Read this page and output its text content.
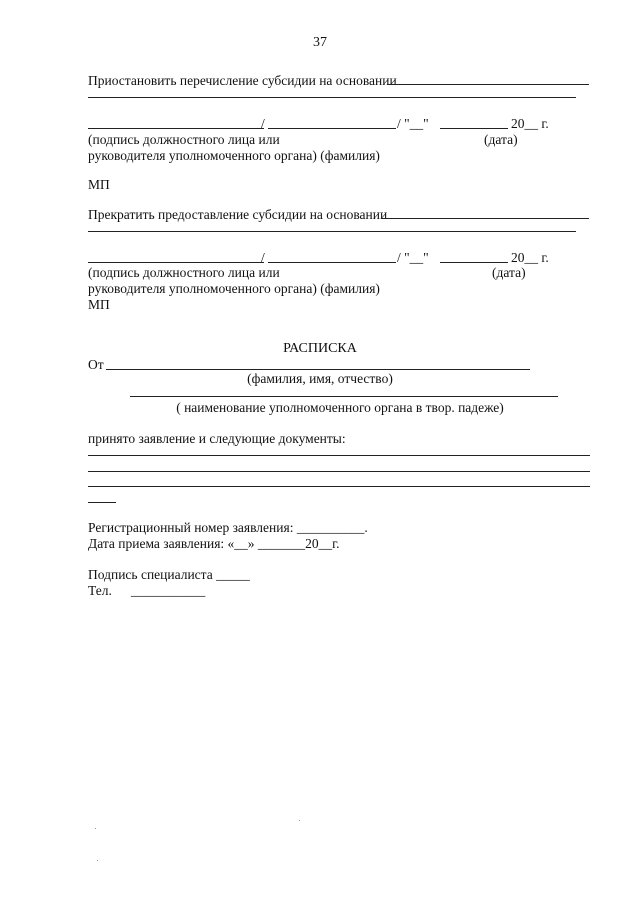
37
Приостановить перечисление субсидии на основании
/	/ "__"	20__ г.
(подпись должностного лица или	(дата)
руководителя уполномоченного органа) (фамилия)
МП
Прекратить предоставление субсидии на основании
/	/ "__"	20__ г.
(подпись должностного лица или	(дата)
руководителя уполномоченного органа) (фамилия)
МП
РАСПИСКА
От
(фамилия, имя, отчество)
( наименование уполномоченного органа в твор. падеже)
принято заявление и следующие документы:
Регистрационный номер заявления: __________.
Дата приема заявления: «__» _______20__г.
Подпись специалиста _____
Тел. ___________
